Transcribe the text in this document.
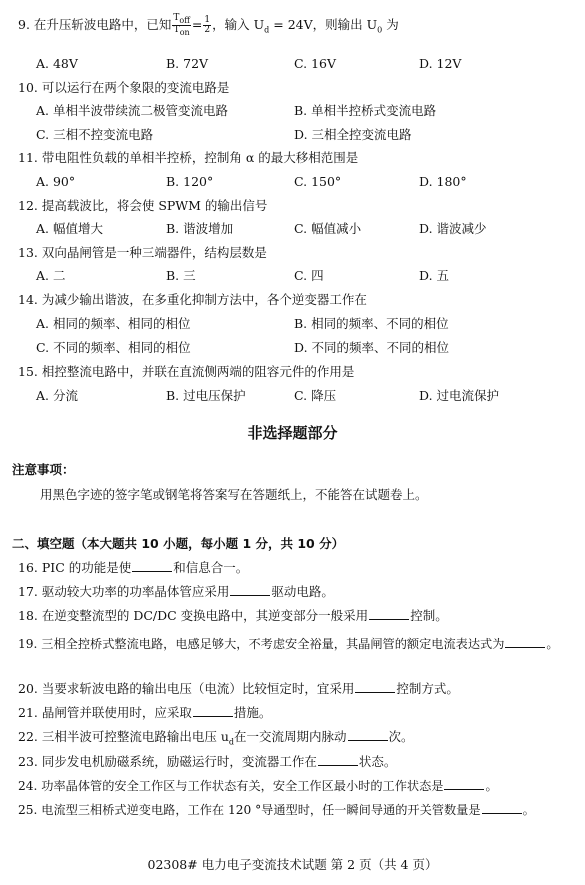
9. 在升压斩波电路中，已知 $\frac{\text{Toff}}{\text{Ton}} = \frac{1}{2}$ ，输入 $U_d = 24V$，则输出 $U_0$ 为
A. 48V	B. 72V	C. 16V	D. 12V
10. 可以运行在两个象限的变流电路是
A. 单相半波带续流二极管变流电路	B. 单相半控桥式变流电路
C. 三相不控变流电路	D. 三相全控变流电路
11. 带电阻性负载的单相半控桥，控制角 α 的最大移相范围是
A. 90°	B. 120°	C. 150°	D. 180°
12. 提高载波比，将会使 SPWM 的输出信号
A. 幅值增大	B. 谐波增加	C. 幅值减小	D. 谐波减少
13. 双向晶闸管是一种三端器件，结构层数是
A. 二	B. 三	C. 四	D. 五
14. 为减少输出谐波，在多重化抑制方法中，各个逆变器工作在
A. 相同的频率、相同的相位	B. 相同的频率、不同的相位
C. 不同的频率、相同的相位	D. 不同的频率、不同的相位
15. 相控整流电路中，并联在直流侧两端的阻容元件的作用是
A. 分流	B. 过电压保护	C. 降压	D. 过电流保护
非选择题部分
注意事项：
用黑色字迹的签字笔或钢笔将答案写在答题纸上，不能答在试题卷上。
二、填空题（本大题共 10 小题，每小题 1 分，共 10 分）
16. PIC 的功能是使	和信息合一。
17. 驱动较大功率的功率晶体管应采用	驱动电路。
18. 在逆变整流型的 DC/DC 变换电路中，其逆变部分一般采用	控制。
19. 三相全控桥式整流电路，电感足够大，不考虑安全裕量，其晶闸管的额定电流表达式为	。
20. 当要求斩波电路的输出电压（电流）比较恒定时，宜采用	控制方式。
21. 晶闸管并联使用时，应采取	措施。
22. 三相半波可控整流电路输出电压 $u_d$在一交流周期内脉动	次。
23. 同步发电机励磁系统，励磁运行时，变流器工作在	状态。
24. 功率晶体管的安全工作区与工作状态有关，安全工作区最小时的工作状态是	。
25. 电流型三相桥式逆变电路，工作在 120 °导通型时，任一瞬间导通的开关管数量是	。
02308# 电力电子变流技术试题 第 2 页（共 4 页）
